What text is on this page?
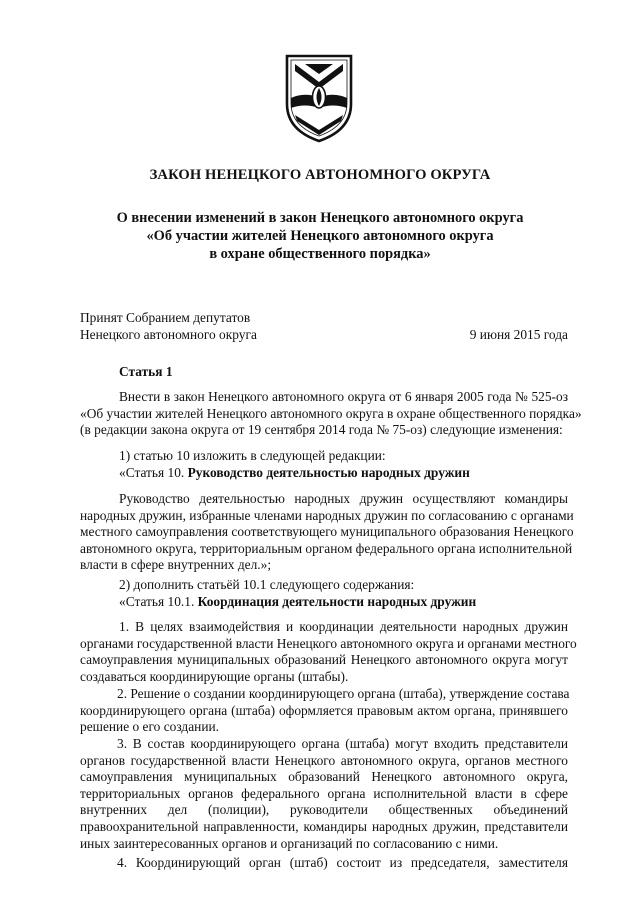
ЗАКОН НЕНЕЦКОГО АВТОНОМНОГО ОКРУГА
О внесении изменений в закон Ненецкого автономного округа
«Об участии жителей Ненецкого автономного округа
в охране общественного порядка»
Принят Собранием депутатов
Ненецкого автономного округа	9 июня 2015 года
Статья 1
Внести в закон Ненецкого автономного округа от 6 января 2005 года № 525-оз
«Об участии жителей Ненецкого автономного округа в охране общественного порядка»
(в редакции закона округа от 19 сентября 2014 года № 75-оз) следующие изменения:
1) статью 10 изложить в следующей редакции:
«Статья 10. Руководство деятельностью народных дружин
Руководство деятельностью народных дружин осуществляют командиры
народных дружин, избранные членами народных дружин по согласованию с органами
местного самоуправления соответствующего муниципального образования Ненецкого
автономного округа, территориальным органом федерального органа исполнительной
власти в сфере внутренних дел.»;
2) дополнить статьёй 10.1 следующего содержания:
«Статья 10.1. Координация деятельности народных дружин
1. В целях взаимодействия и координации деятельности народных дружин
органами государственной власти Ненецкого автономного округа и органами местного
самоуправления муниципальных образований Ненецкого автономного округа могут
создаваться координирующие органы (штабы).
2. Решение о создании координирующего органа (штаба), утверждение состава
координирующего органа (штаба) оформляется правовым актом органа, принявшего
решение о его создании.
3. В состав координирующего органа (штаба) могут входить представители
органов государственной власти Ненецкого автономного округа, органов местного
самоуправления муниципальных образований Ненецкого автономного округа,
территориальных органов федерального органа исполнительной власти в сфере
внутренних дел (полиции), руководители общественных объединений
правоохранительной направленности, командиры народных дружин, представители
иных заинтересованных органов и организаций по согласованию с ними.
4. Координирующий орган (штаб) состоит из председателя, заместителя
